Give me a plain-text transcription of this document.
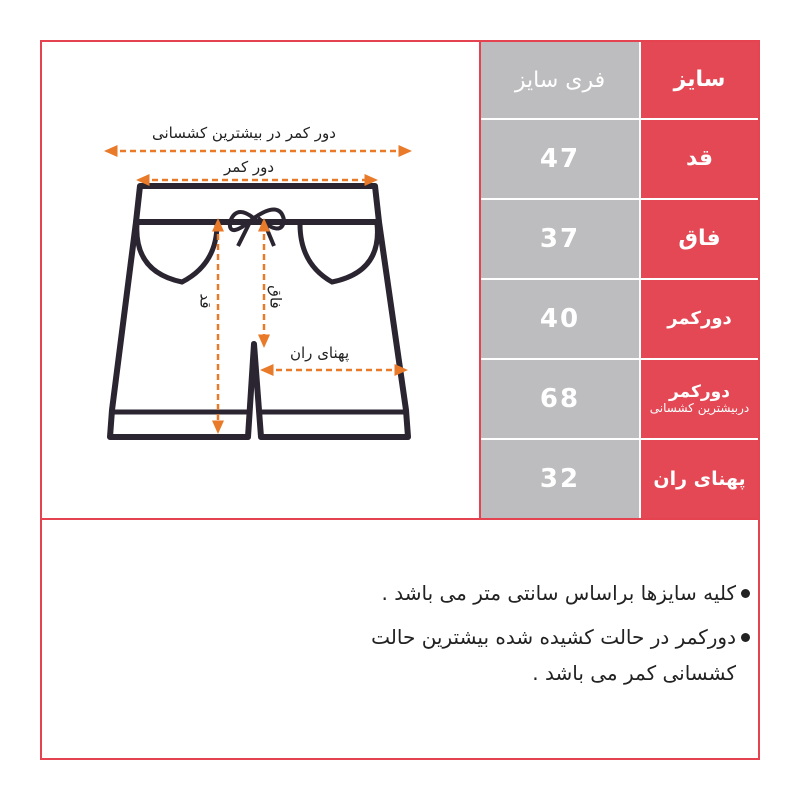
فری سایز	سایز
47	قد
37	فاق
40	دورکمر
68	دورکمر
دربیشترین کشسانی
32	پهنای ران
دور کمر در بیشترین کشسانی
دور کمر
قد	فاق
پهنای ران
کلیه سایزها براساس سانتی متر می باشد .
دورکمر در حالت کشیده شده بیشترین حالت کشسانی کمر می باشد .
